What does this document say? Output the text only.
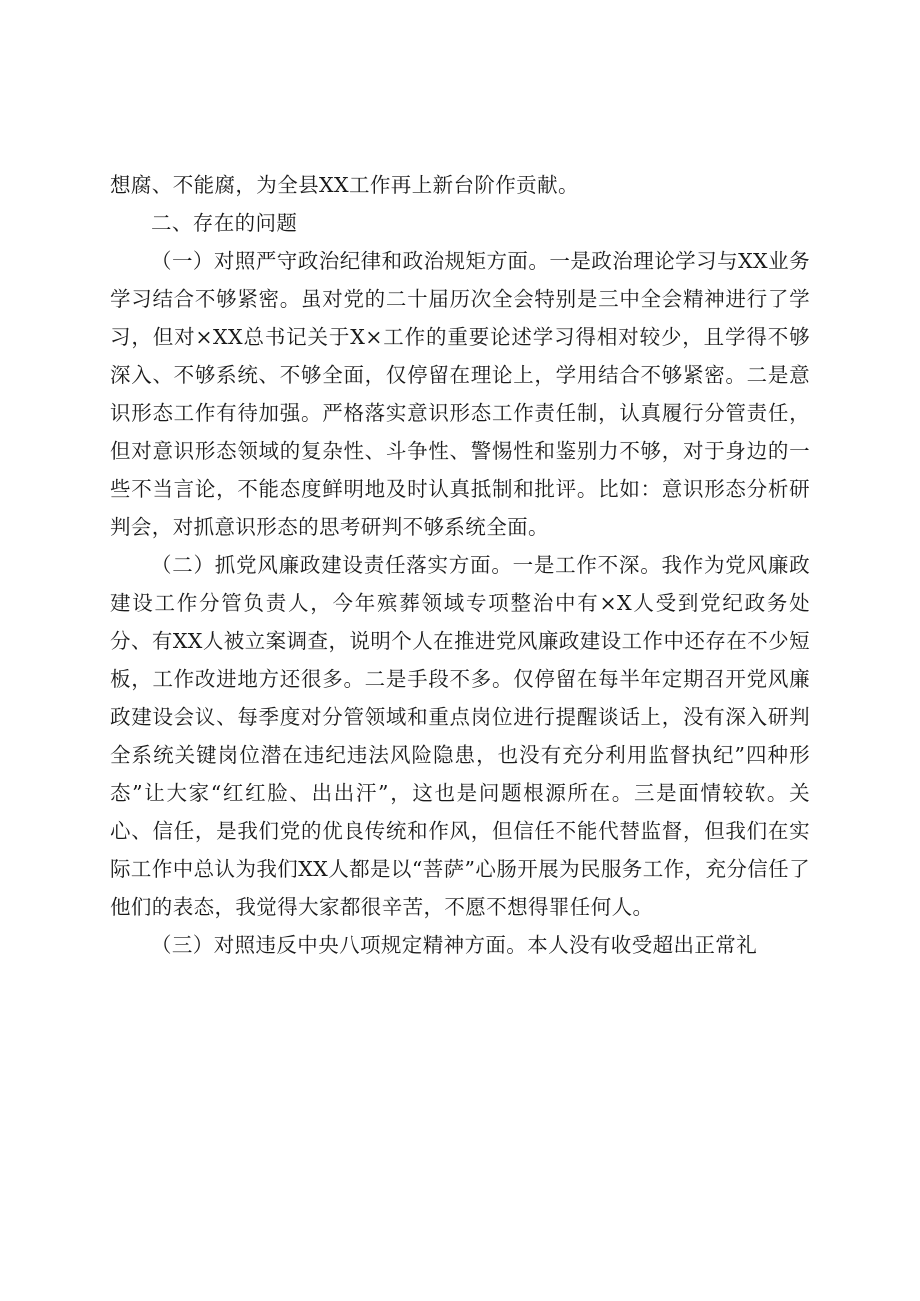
想腐、不能腐，为全县XX工作再上新台阶作贡献。

二、存在的问题

（一）对照严守政治纪律和政治规矩方面。一是政治理论学习与XX业务学习结合不够紧密。虽对党的二十届历次全会特别是三中全会精神进行了学习，但对×XX总书记关于X×工作的重要论述学习得相对较少，且学得不够深入、不够系统、不够全面，仅停留在理论上，学用结合不够紧密。二是意识形态工作有待加强。严格落实意识形态工作责任制，认真履行分管责任，但对意识形态领域的复杂性、斗争性、警惕性和鉴别力不够，对于身边的一些不当言论，不能态度鲜明地及时认真抵制和批评。比如：意识形态分析研判会，对抓意识形态的思考研判不够系统全面。

（二）抓党风廉政建设责任落实方面。一是工作不深。我作为党风廉政建设工作分管负责人，今年殡葬领域专项整治中有×X人受到党纪政务处分、有XX人被立案调查，说明个人在推进党风廉政建设工作中还存在不少短板，工作改进地方还很多。二是手段不多。仅停留在每半年定期召开党风廉政建设会议、每季度对分管领域和重点岗位进行提醒谈话上，没有深入研判全系统关键岗位潜在违纪违法风险隐患，也没有充分利用监督执纪”四种形态”让大家“红红脸、出出汗”，这也是问题根源所在。三是面情较软。关心、信任，是我们党的优良传统和作风，但信任不能代替监督，但我们在实际工作中总认为我们XX人都是以“菩萨”心肠开展为民服务工作，充分信任了他们的表态，我觉得大家都很辛苦，不愿不想得罪任何人。

（三）对照违反中央八项规定精神方面。本人没有收受超出正常礼
